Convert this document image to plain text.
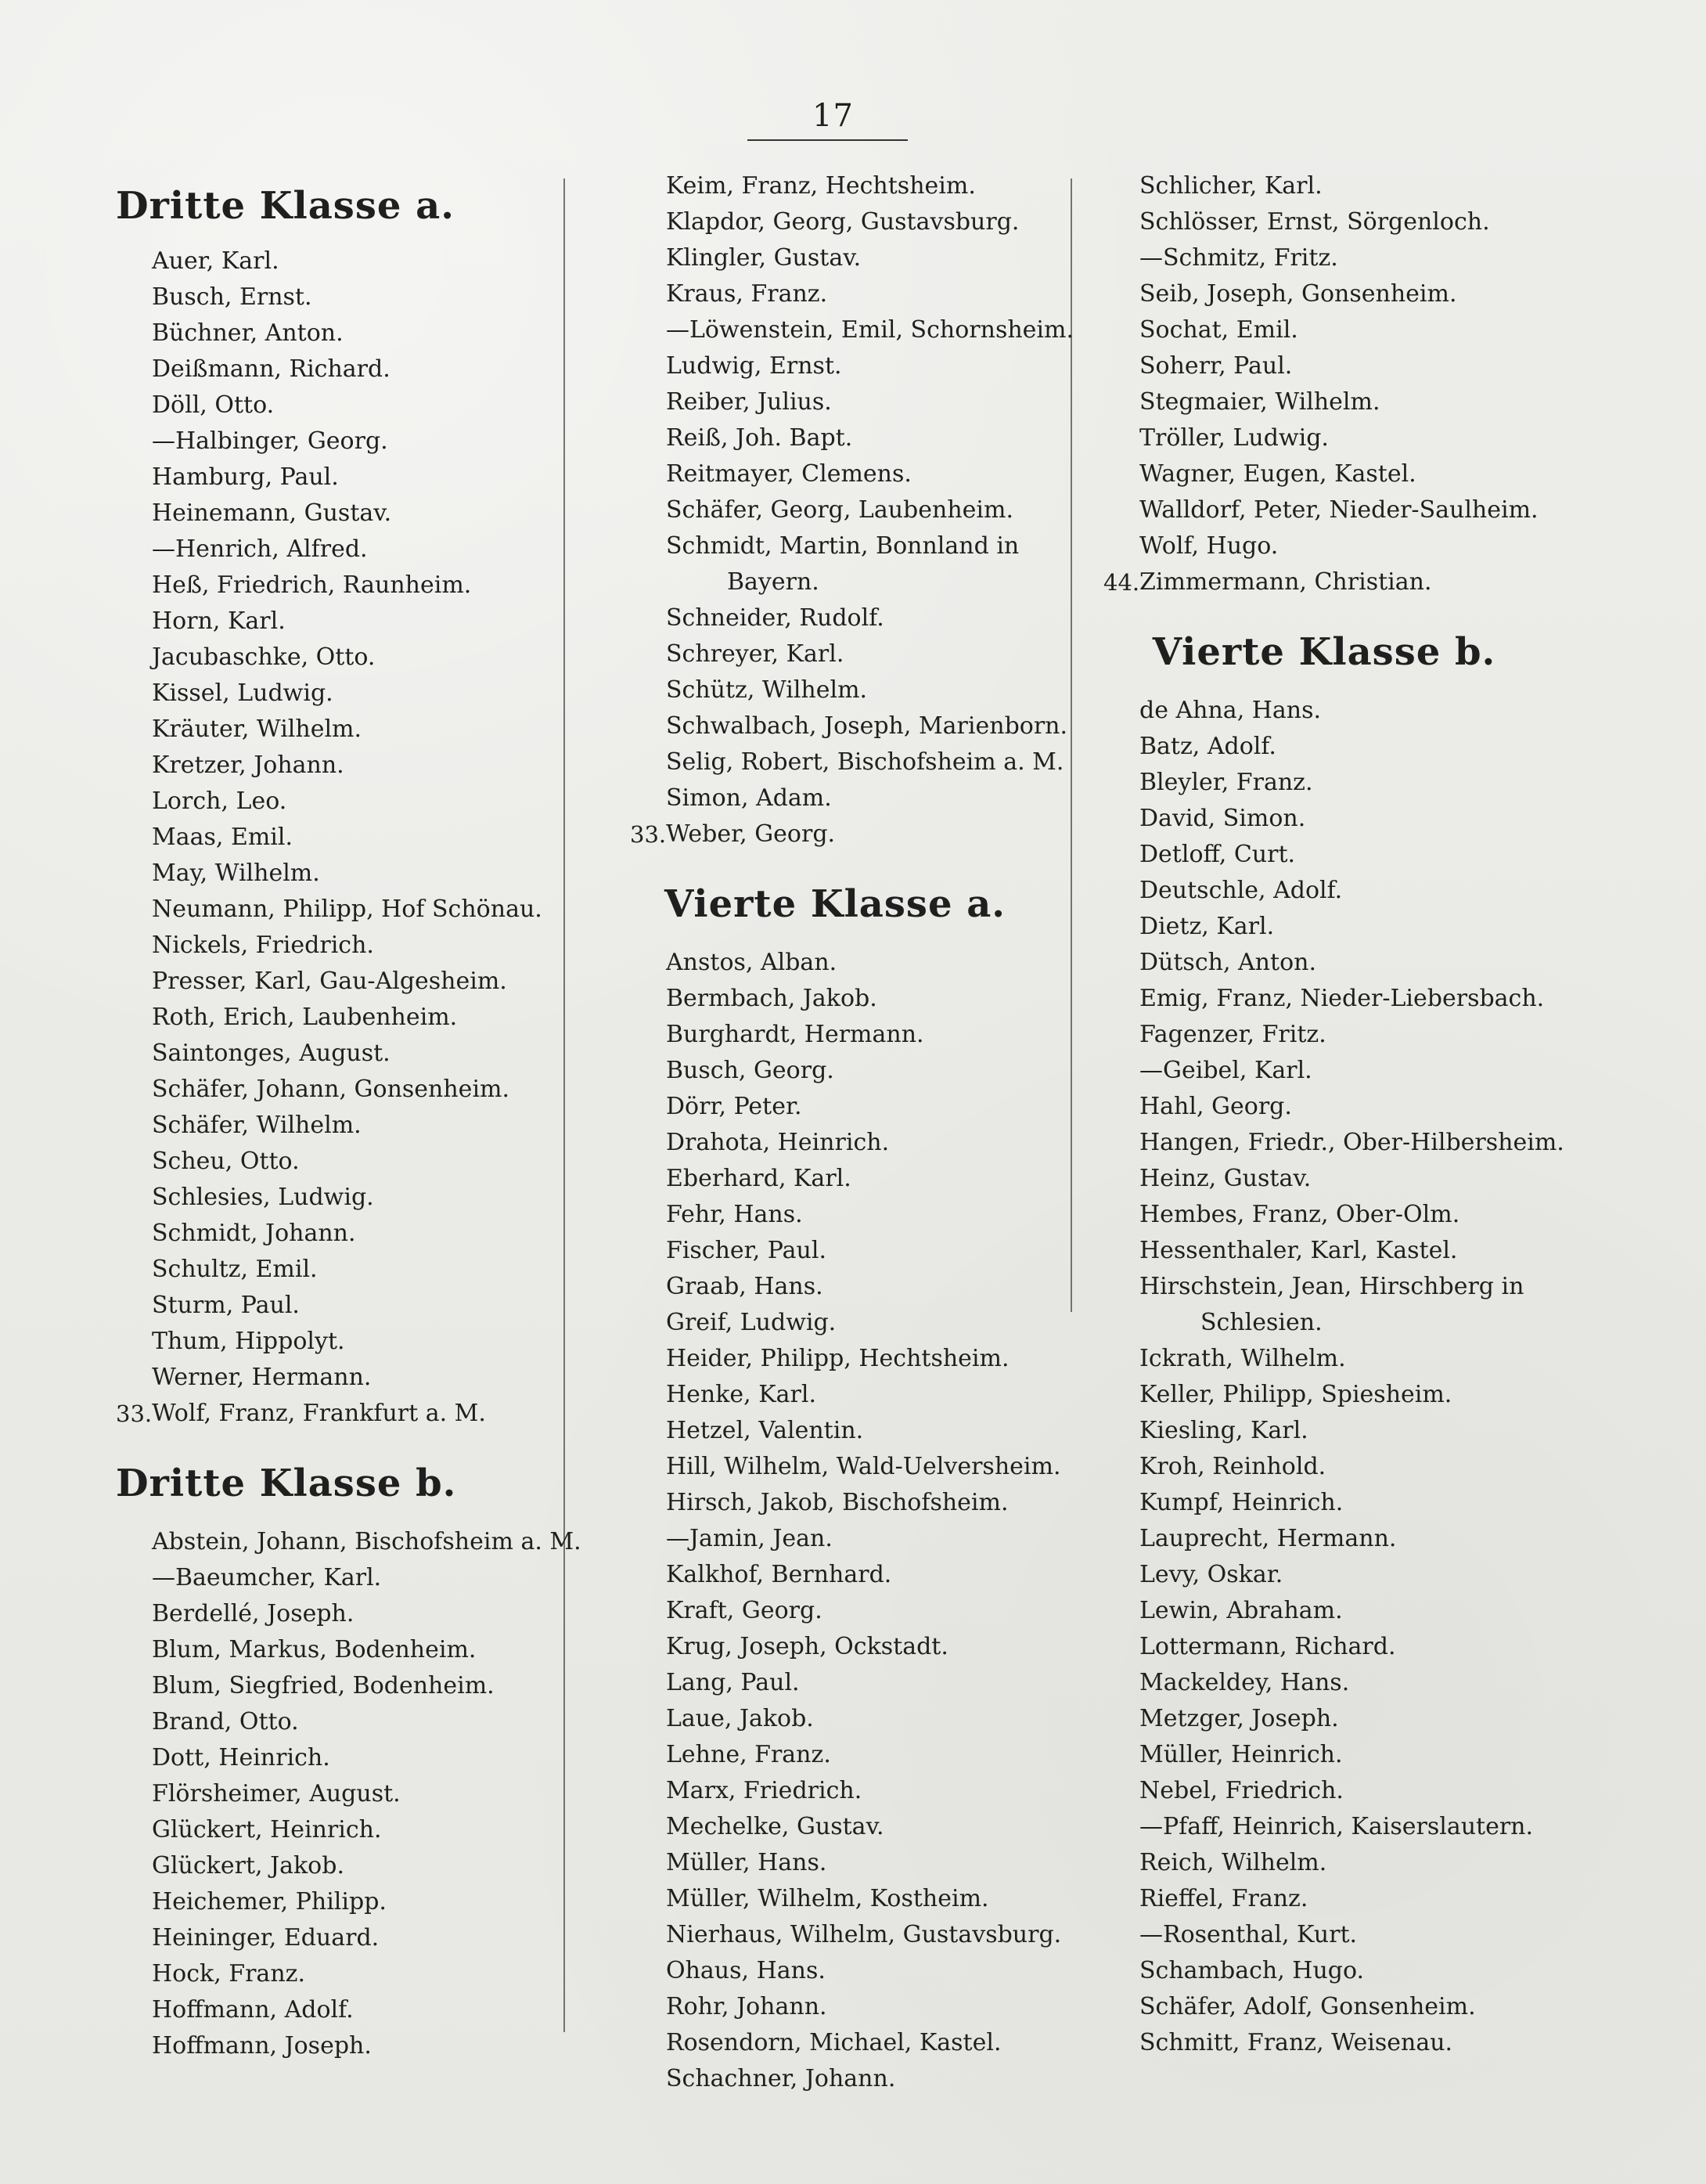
17
Dritte Klasse a.
Auer, Karl.
Busch, Ernst.
Büchner, Anton.
Deißmann, Richard.
Döll, Otto.
—Halbinger, Georg.
Hamburg, Paul.
Heinemann, Gustav.
—Henrich, Alfred.
Heß, Friedrich, Raunheim.
Horn, Karl.
Jacubaschke, Otto.
Kissel, Ludwig.
Kräuter, Wilhelm.
Kretzer, Johann.
Lorch, Leo.
Maas, Emil.
May, Wilhelm.
Neumann, Philipp, Hof Schönau.
Nickels, Friedrich.
Presser, Karl, Gau-Algesheim.
Roth, Erich, Laubenheim.
Saintonges, August.
Schäfer, Johann, Gonsenheim.
Schäfer, Wilhelm.
Scheu, Otto.
Schlesies, Ludwig.
Schmidt, Johann.
Schultz, Emil.
Sturm, Paul.
Thum, Hippolyt.
Werner, Hermann.
33. Wolf, Franz, Frankfurt a. M.
Dritte Klasse b.
Abstein, Johann, Bischofsheim a. M.
—Baeumcher, Karl.
Berdellé, Joseph.
Blum, Markus, Bodenheim.
Blum, Siegfried, Bodenheim.
Brand, Otto.
Dott, Heinrich.
Flörsheimer, August.
Glückert, Heinrich.
Glückert, Jakob.
Heichemer, Philipp.
Heininger, Eduard.
Hock, Franz.
Hoffmann, Adolf.
Hoffmann, Joseph.
Keim, Franz, Hechtsheim.
Klapdor, Georg, Gustavsburg.
Klingler, Gustav.
Kraus, Franz.
—Löwenstein, Emil, Schornsheim.
Ludwig, Ernst.
Reiber, Julius.
Reiß, Joh. Bapt.
Reitmayer, Clemens.
Schäfer, Georg, Laubenheim.
Schmidt, Martin, Bonnland in
Bayern.
Schneider, Rudolf.
Schreyer, Karl.
Schütz, Wilhelm.
Schwalbach, Joseph, Marienborn.
Selig, Robert, Bischofsheim a. M.
Simon, Adam.
33. Weber, Georg.
Vierte Klasse a.
Anstos, Alban.
Bermbach, Jakob.
Burghardt, Hermann.
Busch, Georg.
Dörr, Peter.
Drahota, Heinrich.
Eberhard, Karl.
Fehr, Hans.
Fischer, Paul.
Graab, Hans.
Greif, Ludwig.
Heider, Philipp, Hechtsheim.
Henke, Karl.
Hetzel, Valentin.
Hill, Wilhelm, Wald-Uelversheim.
Hirsch, Jakob, Bischofsheim.
—Jamin, Jean.
Kalkhof, Bernhard.
Kraft, Georg.
Krug, Joseph, Ockstadt.
Lang, Paul.
Laue, Jakob.
Lehne, Franz.
Marx, Friedrich.
Mechelke, Gustav.
Müller, Hans.
Müller, Wilhelm, Kostheim.
Nierhaus, Wilhelm, Gustavsburg.
Ohaus, Hans.
Rohr, Johann.
Rosendorn, Michael, Kastel.
Schachner, Johann.
Schlicher, Karl.
Schlösser, Ernst, Sörgenloch.
—Schmitz, Fritz.
Seib, Joseph, Gonsenheim.
Sochat, Emil.
Soherr, Paul.
Stegmaier, Wilhelm.
Tröller, Ludwig.
Wagner, Eugen, Kastel.
Walldorf, Peter, Nieder-Saulheim.
Wolf, Hugo.
44. Zimmermann, Christian.
Vierte Klasse b.
de Ahna, Hans.
Batz, Adolf.
Bleyler, Franz.
David, Simon.
Detloff, Curt.
Deutschle, Adolf.
Dietz, Karl.
Dütsch, Anton.
Emig, Franz, Nieder-Liebersbach.
Fagenzer, Fritz.
—Geibel, Karl.
Hahl, Georg.
Hangen, Friedr., Ober-Hilbersheim.
Heinz, Gustav.
Hembes, Franz, Ober-Olm.
Hessenthaler, Karl, Kastel.
Hirschstein, Jean, Hirschberg in
Schlesien.
Ickrath, Wilhelm.
Keller, Philipp, Spiesheim.
Kiesling, Karl.
Kroh, Reinhold.
Kumpf, Heinrich.
Lauprecht, Hermann.
Levy, Oskar.
Lewin, Abraham.
Lottermann, Richard.
Mackeldey, Hans.
Metzger, Joseph.
Müller, Heinrich.
Nebel, Friedrich.
—Pfaff, Heinrich, Kaiserslautern.
Reich, Wilhelm.
Rieffel, Franz.
—Rosenthal, Kurt.
Schambach, Hugo.
Schäfer, Adolf, Gonsenheim.
Schmitt, Franz, Weisenau.
